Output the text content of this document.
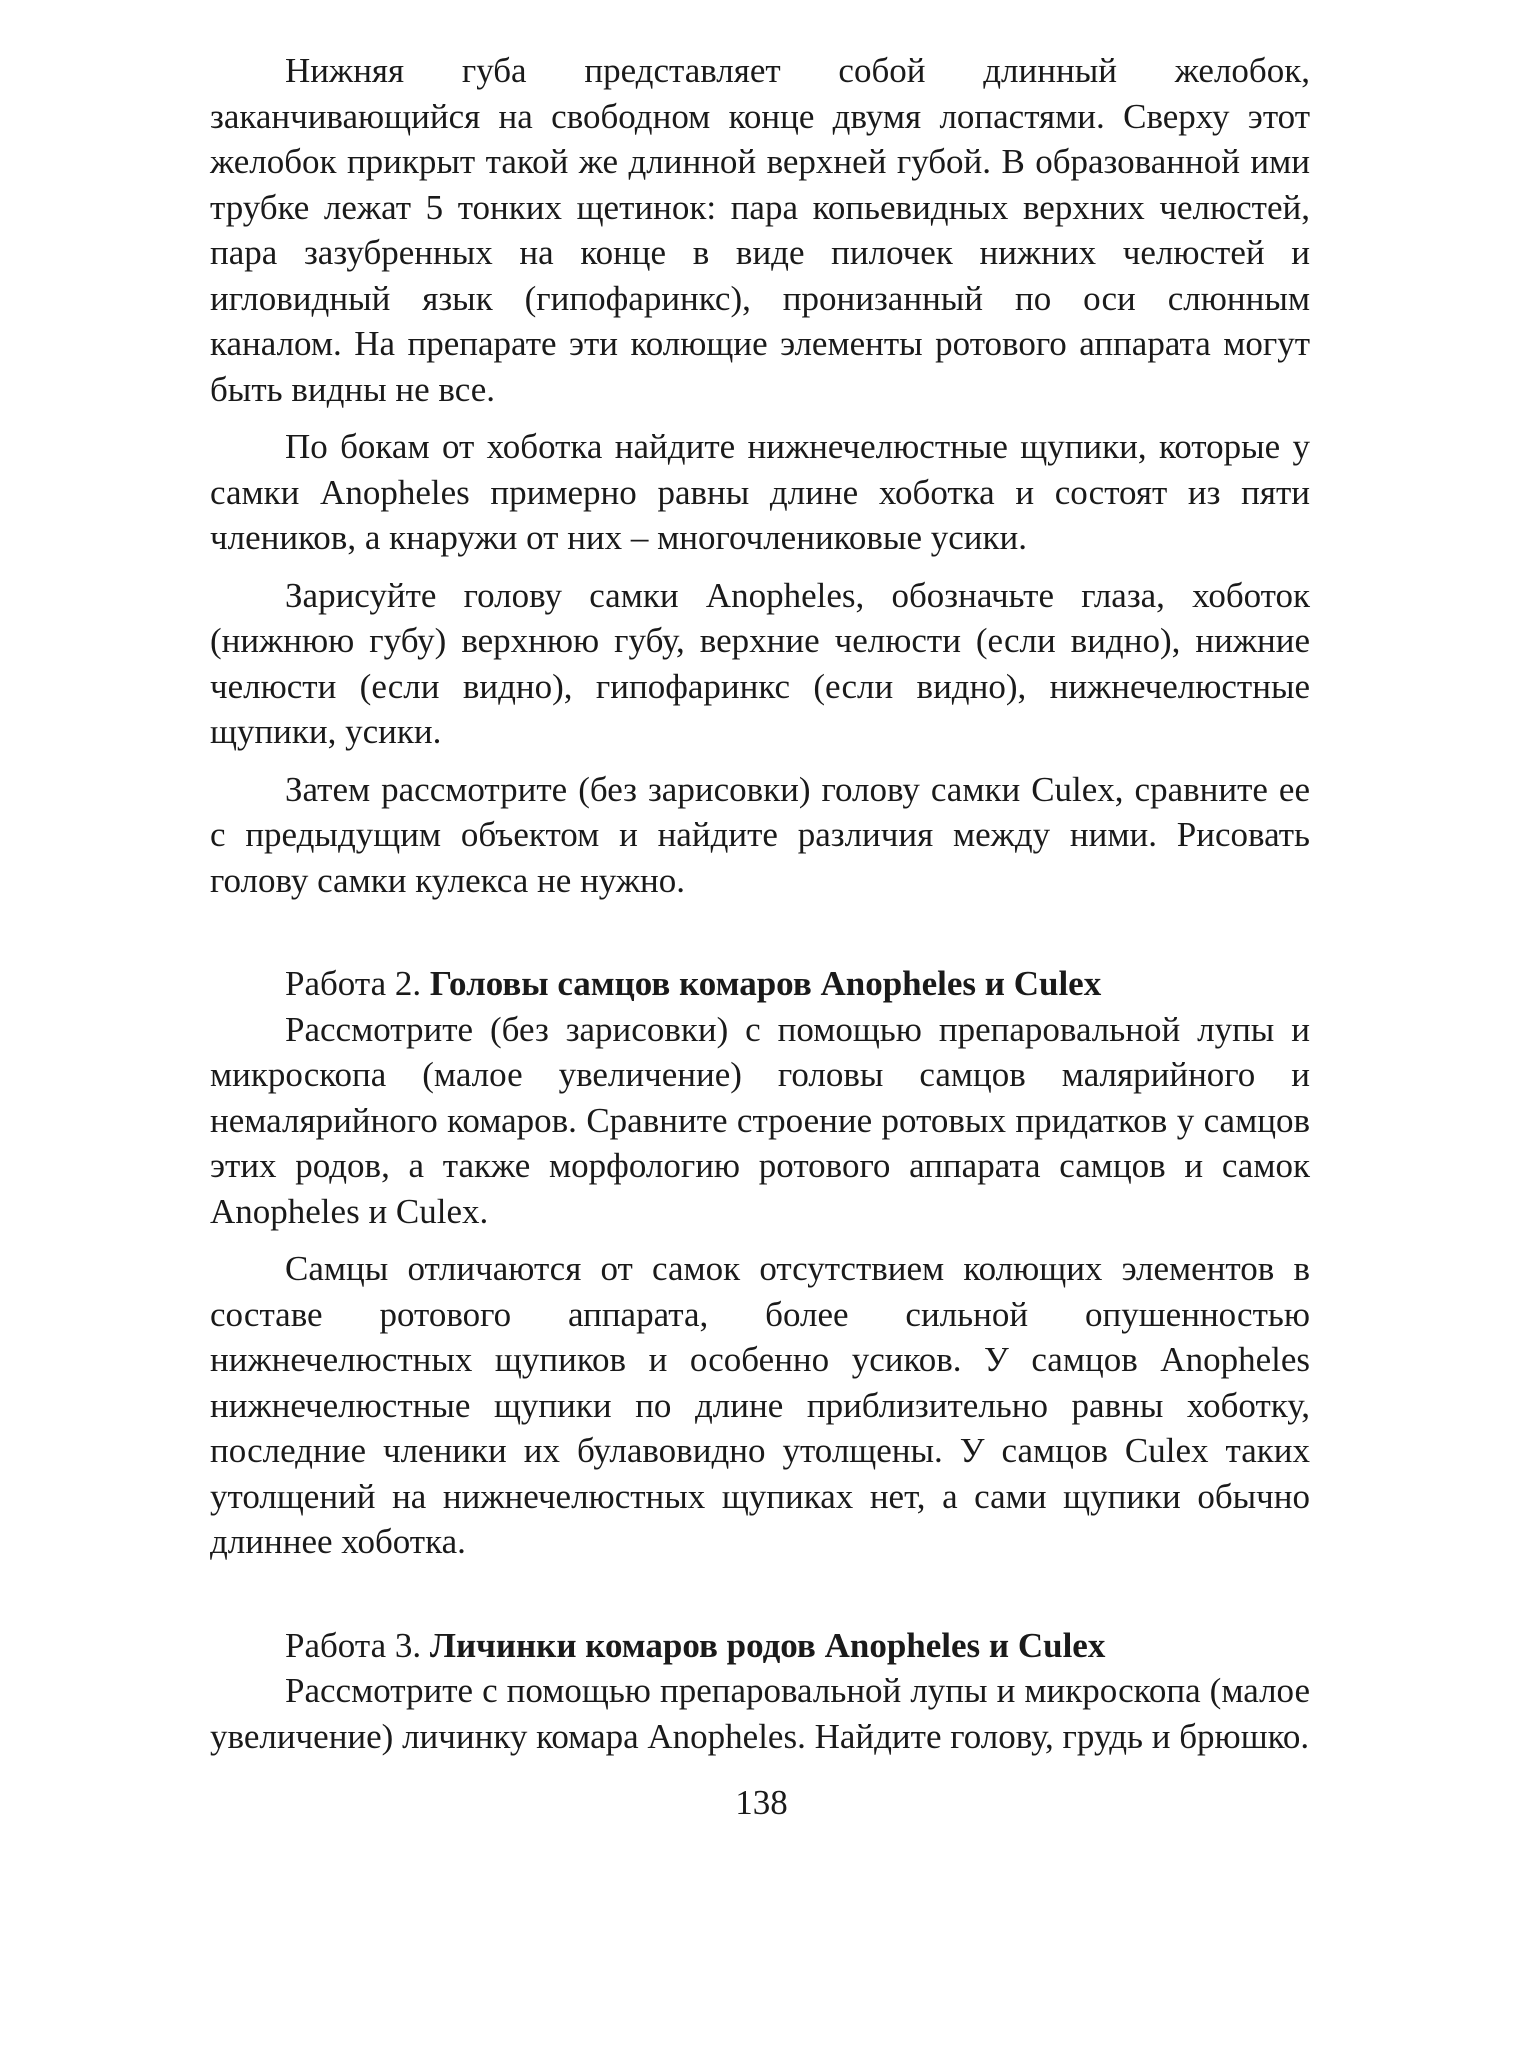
Нижняя губа представляет собой длинный желобок, заканчивающийся на свободном конце двумя лопастями. Сверху этот желобок прикрыт такой же длинной верхней губой. В образованной ими трубке лежат 5 тонких щетинок: пара копьевидных верхних челюстей, пара зазубренных на конце в виде пилочек нижних челюстей и игловидный язык (гипофаринкс), пронизанный по оси слюнным каналом. На препарате эти колющие элементы ротового аппарата могут быть видны не все.

По бокам от хоботка найдите нижнечелюстные щупики, которые у самки Anopheles примерно равны длине хоботка и состоят из пяти члеников, а кнаружи от них – многочлениковые усики.

Зарисуйте голову самки Anopheles, обозначьте глаза, хоботок (нижнюю губу) верхнюю губу, верхние челюсти (если видно), нижние челюсти (если видно), гипофаринкс (если видно), нижнечелюстные щупики, усики.

Затем рассмотрите (без зарисовки) голову самки Culex, сравните ее с предыдущим объектом и найдите различия между ними. Рисовать голову самки кулекса не нужно.

Работа 2. Головы самцов комаров Anopheles и Culex

Рассмотрите (без зарисовки) с помощью препаровальной лупы и микроскопа (малое увеличение) головы самцов малярийного и немалярийного комаров. Сравните строение ротовых придатков у самцов этих родов, а также морфологию ротового аппарата самцов и самок Anopheles и Culex.

Самцы отличаются от самок отсутствием колющих элементов в составе ротового аппарата, более сильной опушенностью нижнечелюстных щупиков и особенно усиков. У самцов Anopheles нижнечелюстные щупики по длине приблизительно равны хоботку, последние членики их булавовидно утолщены. У самцов Culex таких утолщений на нижнечелюстных щупиках нет, а сами щупики обычно длиннее хоботка.

Работа 3. Личинки комаров родов Anopheles и Culex

Рассмотрите с помощью препаровальной лупы и микроскопа (малое увеличение) личинку комара Anopheles. Найдите голову, грудь и брюшко.

138
